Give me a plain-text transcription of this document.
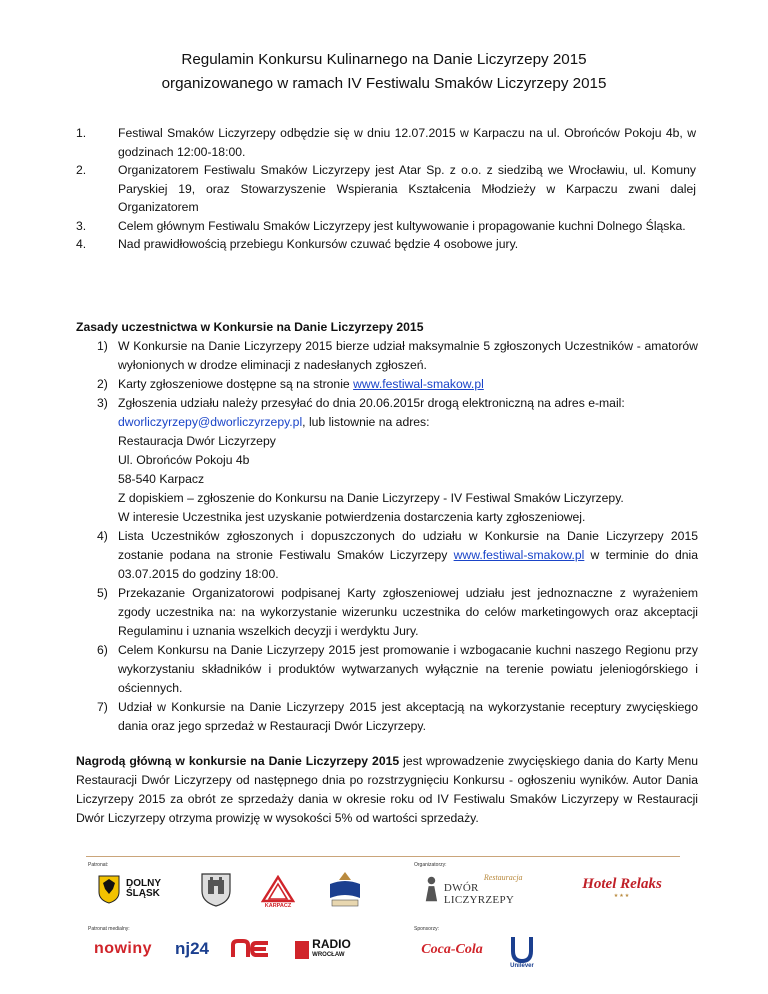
Regulamin Konkursu Kulinarnego na Danie Liczyrzepy 2015
organizowanego w ramach IV Festiwalu Smaków Liczyrzepy 2015
1.	Festiwal Smaków Liczyrzepy odbędzie się w dniu 12.07.2015 w Karpaczu na ul. Obrońców Pokoju 4b, w godzinach 12:00-18:00.
2.	Organizatorem Festiwalu Smaków Liczyrzepy jest Atar Sp. z o.o. z siedzibą we Wrocławiu, ul. Komuny Paryskiej 19, oraz Stowarzyszenie Wspierania Kształcenia Młodzieży w Karpaczu zwani dalej Organizatorem
3.	Celem głównym Festiwalu Smaków Liczyrzepy jest kultywowanie i propagowanie kuchni Dolnego Śląska.
4.	Nad prawidłowością przebiegu Konkursów czuwać będzie 4 osobowe jury.
Zasady uczestnictwa w Konkursie na Danie Liczyrzepy 2015
1) W Konkursie na Danie Liczyrzepy 2015 bierze udział maksymalnie 5 zgłoszonych Uczestników - amatorów wyłonionych w drodze eliminacji z nadesłanych zgłoszeń.
2) Karty zgłoszeniowe dostępne są na stronie www.festiwal-smakow.pl
3) Zgłoszenia udziału należy przesyłać do dnia 20.06.2015r drogą elektroniczną na adres e-mail:

dworliczyrzepy@dworliczyrzepy.pl, lub listownie na adres:

Restauracja Dwór Liczyrzepy

Ul. Obrońców Pokoju 4b

58-540 Karpacz

Z dopiskiem – zgłoszenie do Konkursu na Danie Liczyrzepy - IV Festiwal Smaków Liczyrzepy.

W interesie Uczestnika jest uzyskanie potwierdzenia dostarczenia karty zgłoszeniowej.

4) Lista Uczestników zgłoszonych i dopuszczonych do udziału w Konkursie na Danie Liczyrzepy 2015 zostanie podana na stronie Festiwalu Smaków Liczyrzepy www.festiwal-smakow.pl w terminie do dnia 03.07.2015 do godziny 18:00.
5) Przekazanie Organizatorowi podpisanej Karty zgłoszeniowej udziału jest jednoznaczne z wyrażeniem zgody uczestnika na: na wykorzystanie wizerunku uczestnika do celów marketingowych oraz akceptacji Regulaminu i uznania wszelkich decyzji i werdyktu Jury.
6) Celem Konkursu na Danie Liczyrzepy 2015 jest promowanie i wzbogacanie kuchni naszego Regionu przy wykorzystaniu składników i produktów wytwarzanych wyłącznie na terenie powiatu jeleniogórskiego i ościennych.
7) Udział w Konkursie na Danie Liczyrzepy 2015 jest akceptacją na wykorzystanie receptury zwycięskiego dania oraz jego sprzedaż w Restauracji Dwór Liczyrzepy.
Nagrodą główną w konkursie na Danie Liczyrzepy 2015 jest wprowadzenie zwycięskiego dania do Karty Menu Restauracji Dwór Liczyrzepy od następnego dnia po rozstrzygnięciu Konkursu - ogłoszeniu wyników. Autor Dania Liczyrzepy 2015 za obrót ze sprzedaży dania w okresie roku od IV Festiwalu Smaków Liczyrzepy w Restauracji Dwór Liczyrzepy otrzyma prowizję w wysokości 5% od wartości sprzedaży.
Patronat:
Patronat medialny:
Organizatorzy:
Sponsorzy:
DOLNY ŚLĄSK
KARPACZ
Restauracja
DWÓR LICZYRZEPY
Hotel Relaks
★★★
nowiny nj24	RADIO
WROCŁAW	Coca-Cola
Unilever
